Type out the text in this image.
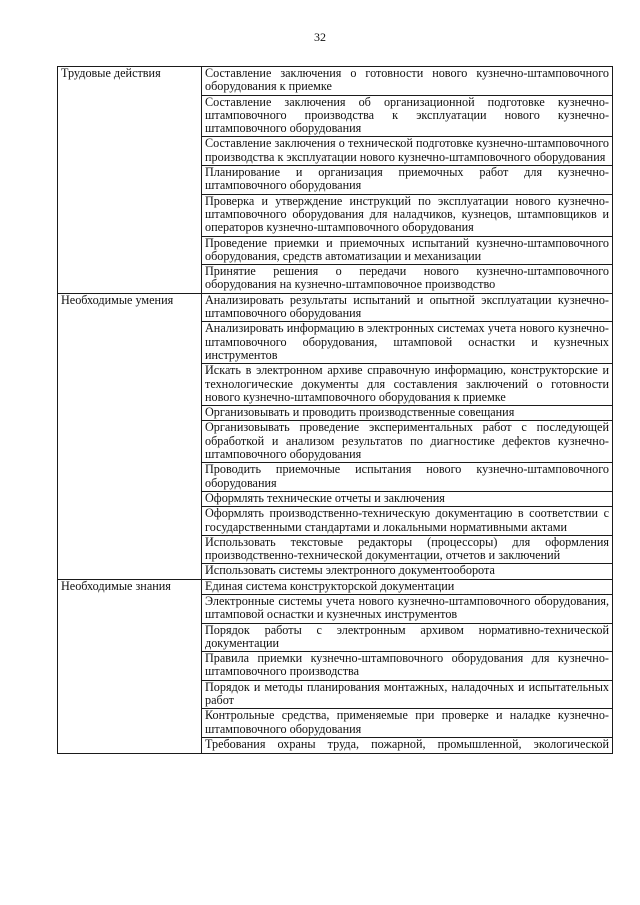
32
Трудовые действия	Составление заключения о готовности нового кузнечно-штамповочного оборудования к приемке
	Составление заключения об организационной подготовке кузнечно-штамповочного производства к эксплуатации нового кузнечно-штамповочного оборудования
	Составление заключения о технической подготовке кузнечно-штамповочного производства к эксплуатации нового кузнечно-штамповочного оборудования
	Планирование и организация приемочных работ для кузнечно-штамповочного оборудования
	Проверка и утверждение инструкций по эксплуатации нового кузнечно-штамповочного оборудования для наладчиков, кузнецов, штамповщиков и операторов кузнечно-штамповочного оборудования
	Проведение приемки и приемочных испытаний кузнечно-штамповочного оборудования, средств автоматизации и механизации
	Принятие решения о передачи нового кузнечно-штамповочного оборудования на кузнечно-штамповочное производство
Необходимые умения	Анализировать результаты испытаний и опытной эксплуатации кузнечно-штамповочного оборудования
	Анализировать информацию в электронных системах учета нового кузнечно-штамповочного оборудования, штамповой оснастки и кузнечных инструментов
	Искать в электронном архиве справочную информацию, конструкторские и технологические документы для составления заключений о готовности нового кузнечно-штамповочного оборудования к приемке
	Организовывать и проводить производственные совещания
	Организовывать проведение экспериментальных работ с последующей обработкой и анализом результатов по диагностике дефектов кузнечно-штамповочного оборудования
	Проводить приемочные испытания нового кузнечно-штамповочного оборудования
	Оформлять технические отчеты и заключения
	Оформлять производственно-техническую документацию в соответствии с государственными стандартами и локальными нормативными актами
	Использовать текстовые редакторы (процессоры) для оформления производственно-технической документации, отчетов и заключений
	Использовать системы электронного документооборота
Необходимые знания	Единая система конструкторской документации
	Электронные системы учета нового кузнечно-штамповочного оборудования, штамповой оснастки и кузнечных инструментов
	Порядок работы с электронным архивом нормативно-технической документации
	Правила приемки кузнечно-штамповочного оборудования для кузнечно-штамповочного производства
	Порядок и методы планирования монтажных, наладочных и испытательных работ
	Контрольные средства, применяемые при проверке и наладке кузнечно-штамповочного оборудования

	Требования охраны труда, пожарной, промышленной, экологической
